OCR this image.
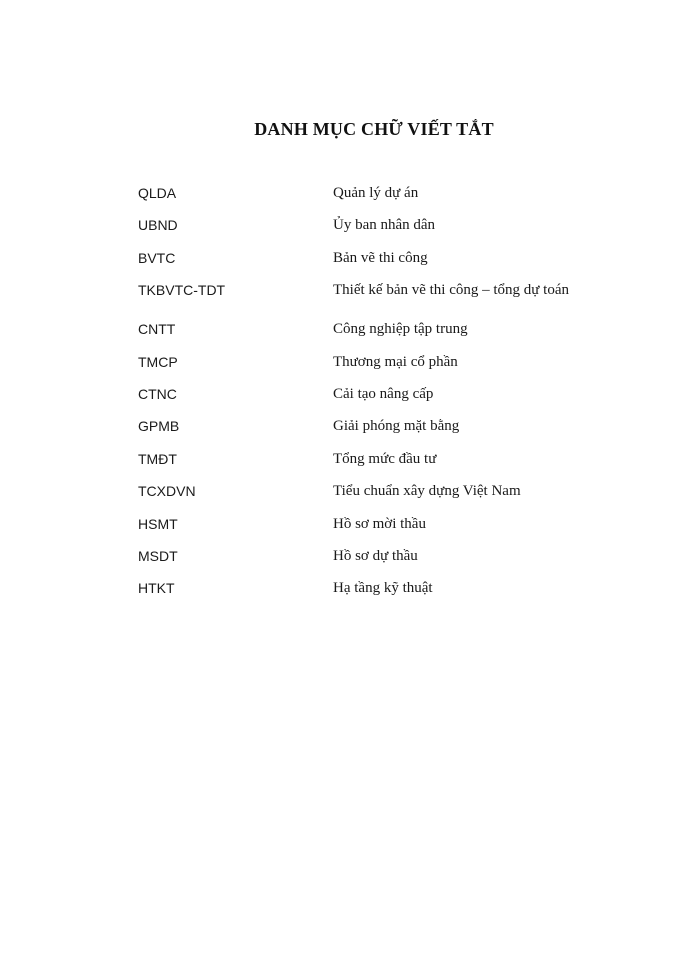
DANH MỤC CHỮ VIẾT TẮT
QLDA	Quản lý dự án
UBND	Ủy ban nhân dân
BVTC	Bản vẽ thi công
TKBVTC-TDT	Thiết kế bản vẽ thi công – tổng dự toán
CNTT	Công nghiệp tập trung
TMCP	Thương mại cổ phần
CTNC	Cải tạo nâng cấp
GPMB	Giải phóng mặt bằng
TMĐT	Tổng mức đầu tư
TCXDVN	Tiểu chuẩn xây dựng Việt Nam
HSMT	Hồ sơ mời thầu
MSDT	Hồ sơ dự thầu
HTKT	Hạ tầng kỹ thuật
